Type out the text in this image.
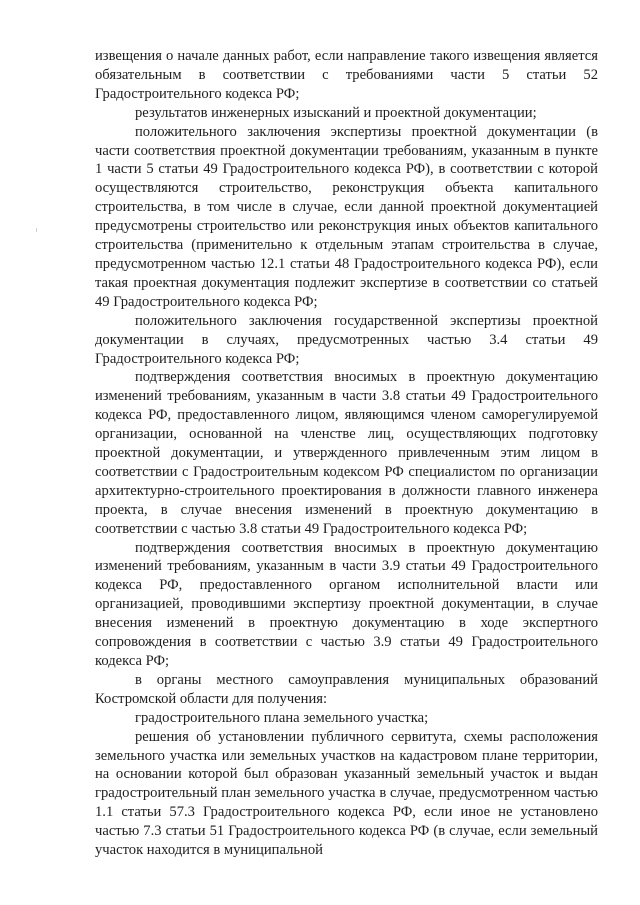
извещения о начале данных работ, если направление такого извещения является обязательным в соответствии с требованиями части 5 статьи 52 Градостроительного кодекса РФ;

результатов инженерных изысканий и проектной документации;

положительного заключения экспертизы проектной документации (в части соответствия проектной документации требованиям, указанным в пункте 1 части 5 статьи 49 Градостроительного кодекса РФ), в соответствии с которой осуществляются строительство, реконструкция объекта капитального строительства, в том числе в случае, если данной проектной документацией предусмотрены строительство или реконструкция иных объектов капитального строительства (применительно к отдельным этапам строительства в случае, предусмотренном частью 12.1 статьи 48 Градостроительного кодекса РФ), если такая проектная документация подлежит экспертизе в соответствии со статьей 49 Градостроительного кодекса РФ;

положительного заключения государственной экспертизы проектной документации в случаях, предусмотренных частью 3.4 статьи 49 Градостроительного кодекса РФ;

подтверждения соответствия вносимых в проектную документацию изменений требованиям, указанным в части 3.8 статьи 49 Градостроительного кодекса РФ, предоставленного лицом, являющимся членом саморегулируемой организации, основанной на членстве лиц, осуществляющих подготовку проектной документации, и утвержденного привлеченным этим лицом в соответствии с Градостроительным кодексом РФ специалистом по организации архитектурно-строительного проектирования в должности главного инженера проекта, в случае внесения изменений в проектную документацию в соответствии с частью 3.8 статьи 49 Градостроительного кодекса РФ;

подтверждения соответствия вносимых в проектную документацию изменений требованиям, указанным в части 3.9 статьи 49 Градостроительного кодекса РФ, предоставленного органом исполнительной власти или организацией, проводившими экспертизу проектной документации, в случае внесения изменений в проектную документацию в ходе экспертного сопровождения в соответствии с частью 3.9 статьи 49 Градостроительного кодекса РФ;

в органы местного самоуправления муниципальных образований Костромской области для получения:

градостроительного плана земельного участка;

решения об установлении публичного сервитута, схемы расположения земельного участка или земельных участков на кадастровом плане территории, на основании которой был образован указанный земельный участок и выдан градостроительный план земельного участка в случае, предусмотренном частью 1.1 статьи 57.3 Градостроительного кодекса РФ, если иное не установлено частью 7.3 статьи 51 Градостроительного кодекса РФ (в случае, если земельный участок находится в муниципальной
